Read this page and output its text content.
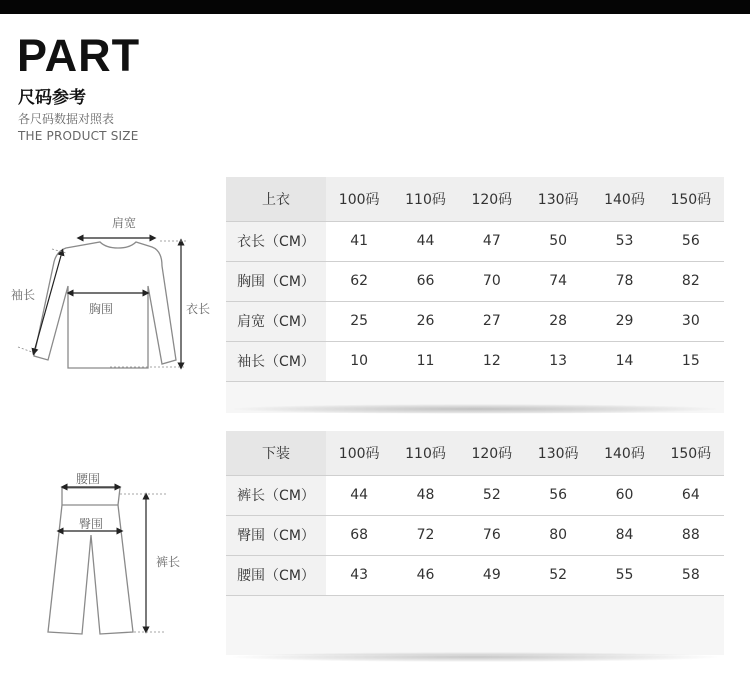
PART
尺码参考
各尺码数据对照表
THE PRODUCT SIZE
肩宽
袖长
胸围	衣长
腰围
臀围
裤长
上衣	100码	110码	120码	130码	140码	150码
衣长（CM）	41	44	47	50	53	56
胸围（CM）	62	66	70	74	78	82
肩宽（CM）	25	26	27	28	29	30
袖长（CM）	10	11	12	13	14	15

下装	100码	110码	120码	130码	140码	150码
裤长（CM）	44	48	52	56	60	64
臀围（CM）	68	72	76	80	84	88
腰围（CM）	43	46	49	52	55	58
